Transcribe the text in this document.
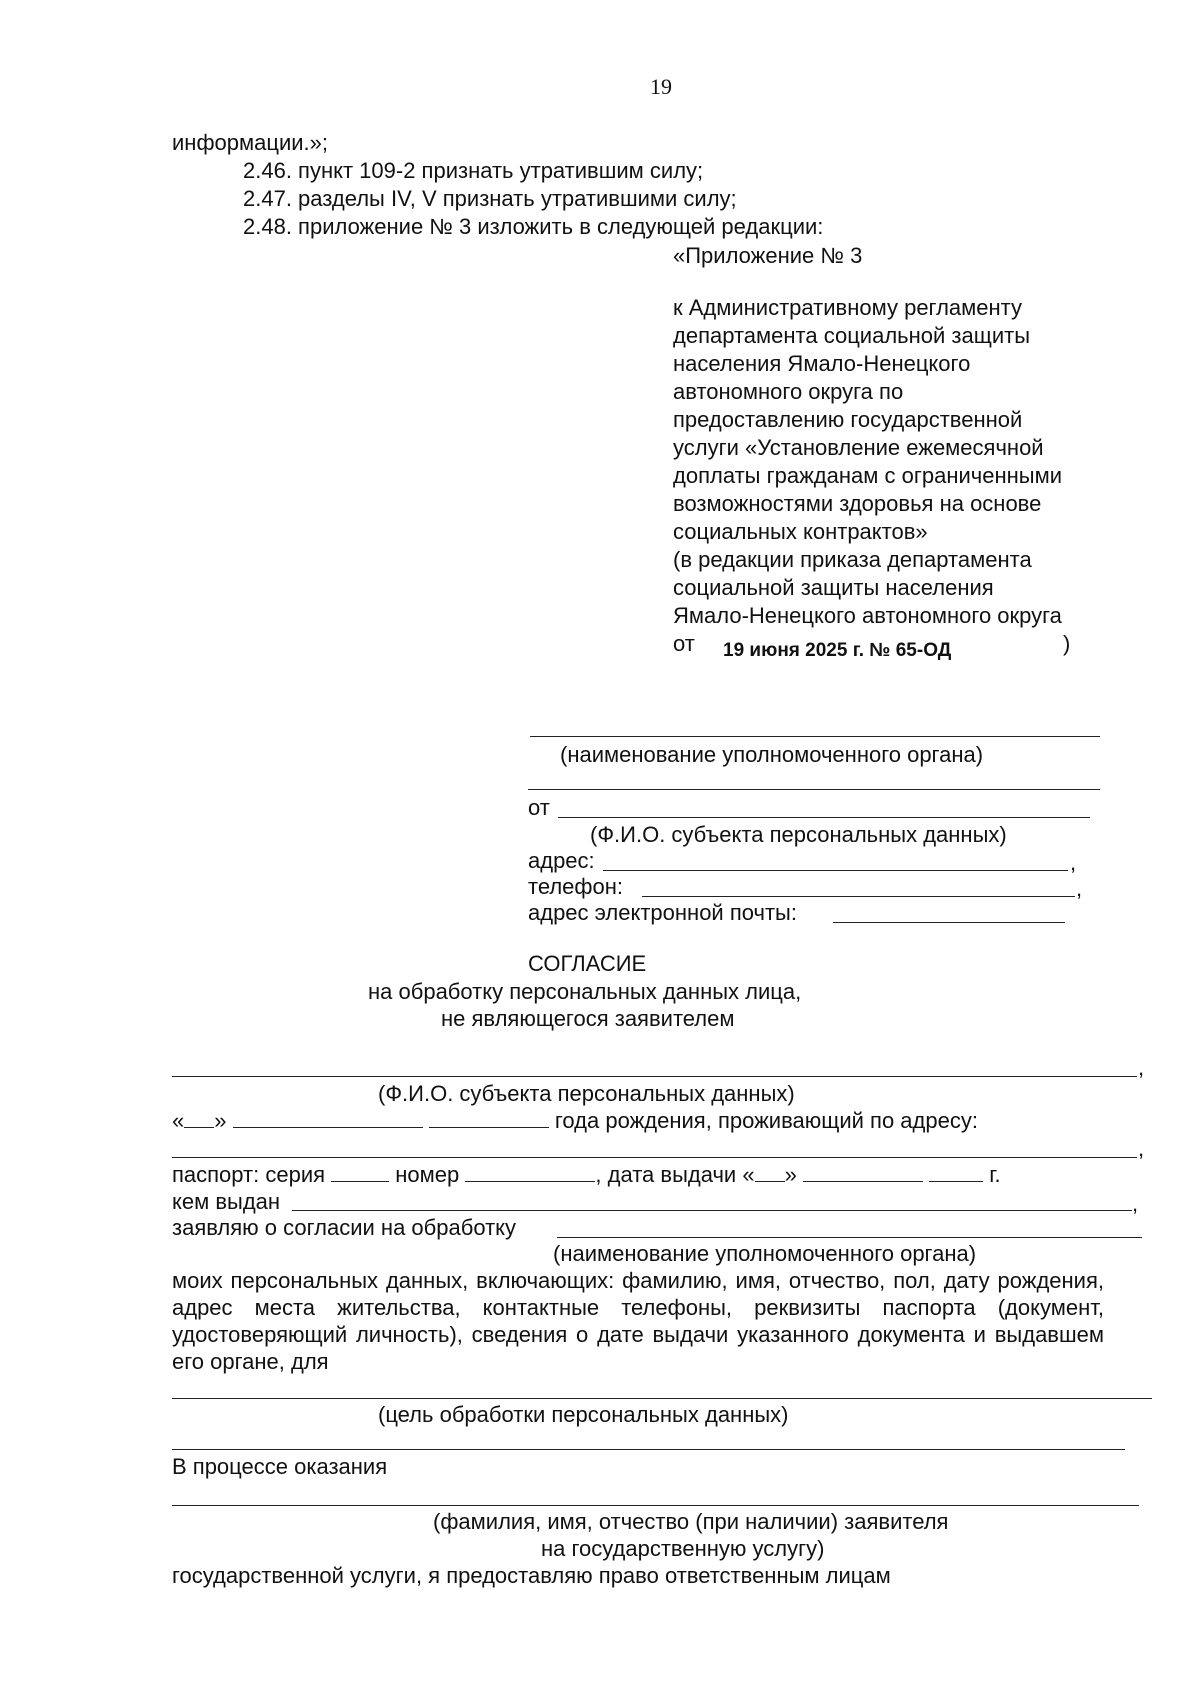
19
информации.»;
2.46. пункт 109-2 признать утратившим силу;
2.47. разделы IV, V признать утратившими силу;
2.48. приложение № 3 изложить в следующей редакции:
«Приложение № 3
к Административному регламенту
департамента социальной защиты
населения Ямало-Ненецкого
автономного округа по
предоставлению государственной
услуги «Установление ежемесячной
доплаты гражданам с ограниченными
возможностями здоровья на основе
социальных контрактов»
(в редакции приказа департамента
социальной защиты населения
Ямало-Ненецкого автономного округа
от 19 июня 2025 г. № 65-ОД	)
(наименование уполномоченного органа)
от
(Ф.И.О. субъекта персональных данных)
адрес:	,
телефон:	,
адрес электронной почты:
СОГЛАСИЕ
на обработку персональных данных лица,
не являющегося заявителем
,
(Ф.И.О. субъекта персональных данных)
« »	года рождения, проживающий по адресу:
,
паспорт: серия	номер	, дата выдачи « »	г.
кем выдан	,
заявляю о согласии на обработку
(наименование уполномоченного органа)
моих персональных данных, включающих: фамилию, имя, отчество, пол, дату рождения, адрес места жительства, контактные телефоны, реквизиты паспорта (документ, удостоверяющий личность), сведения о дате выдачи указанного документа и выдавшем его органе, для
(цель обработки персональных данных)
В процессе оказания
(фамилия, имя, отчество (при наличии) заявителя
на государственную услугу)
государственной услуги, я предоставляю право ответственным лицам
